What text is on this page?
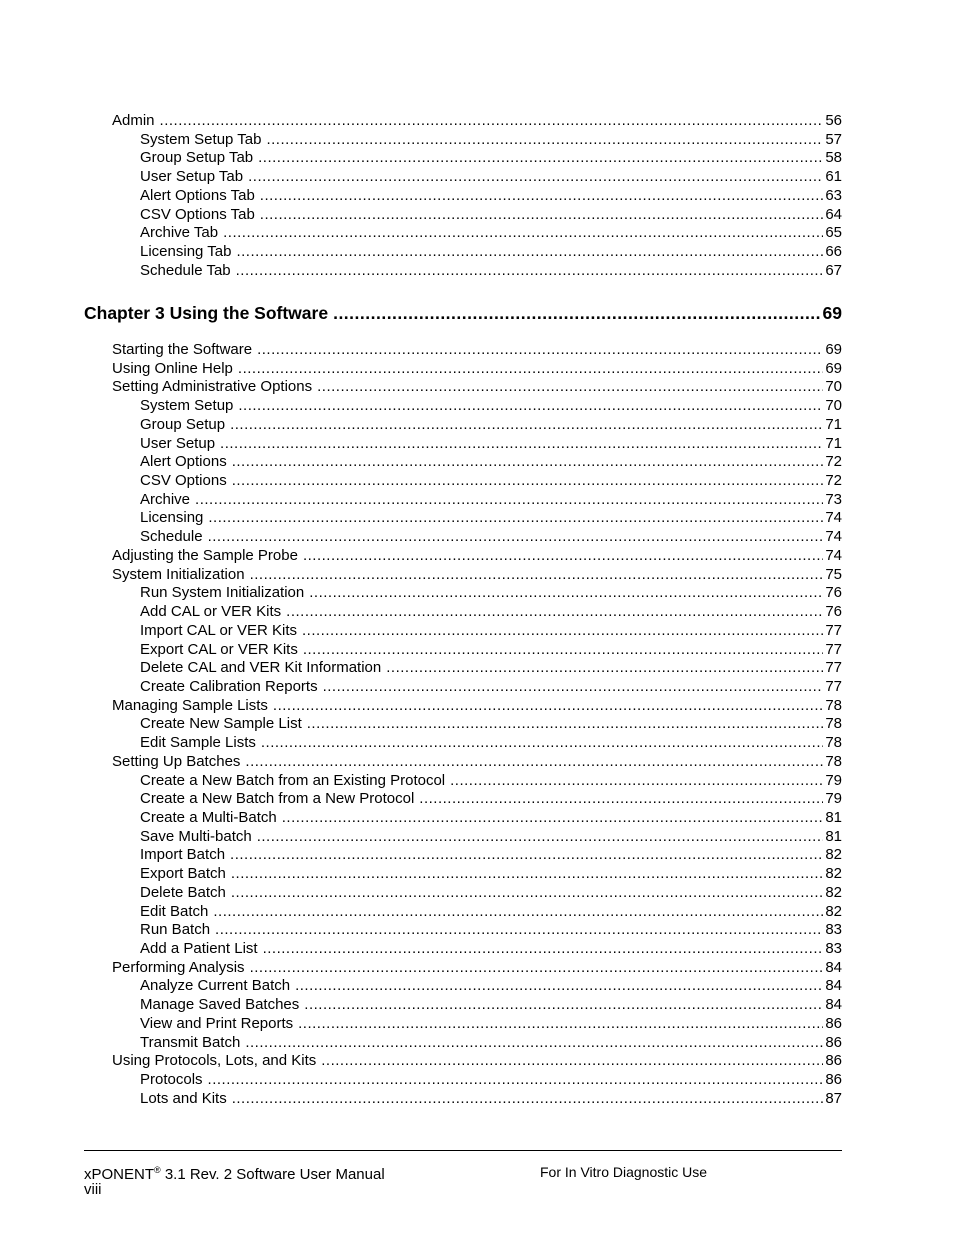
Admin .....	56
System Setup Tab .....	57
Group Setup Tab .....	58
User Setup Tab .....	61
Alert Options Tab .....	63
CSV Options Tab .....	64
Archive Tab .....	65
Licensing Tab .....	66
Schedule Tab .....	67
Chapter 3 Using the Software .....	69
Starting the Software .....	69
Using Online Help .....	69
Setting Administrative Options .....	70
System Setup .....	70
Group Setup .....	71
User Setup .....	71
Alert Options .....	72
CSV Options .....	72
Archive .....	73
Licensing .....	74
Schedule .....	74
Adjusting the Sample Probe .....	74
System Initialization .....	75
Run System Initialization .....	76
Add CAL or VER Kits .....	76
Import CAL or VER Kits .....	77
Export CAL or VER Kits .....	77
Delete CAL and VER Kit Information .....	77
Create Calibration Reports .....	77
Managing Sample Lists .....	78
Create New Sample List .....	78
Edit Sample Lists .....	78
Setting Up Batches .....	78
Create a New Batch from an Existing Protocol .....	79
Create a New Batch from a New Protocol .....	79
Create a Multi-Batch .....	81
Save Multi-batch .....	81
Import Batch .....	82
Export Batch .....	82
Delete Batch .....	82
Edit Batch .....	82
Run Batch .....	83
Add a Patient List .....	83
Performing Analysis .....	84
Analyze Current Batch .....	84
Manage Saved Batches .....	84
View and Print Reports .....	86
Transmit Batch .....	86
Using Protocols, Lots, and Kits .....	86
Protocols .....	86
Lots and Kits .....	87
xPONENT® 3.1 Rev. 2 Software User Manual
viii
For In Vitro Diagnostic Use
